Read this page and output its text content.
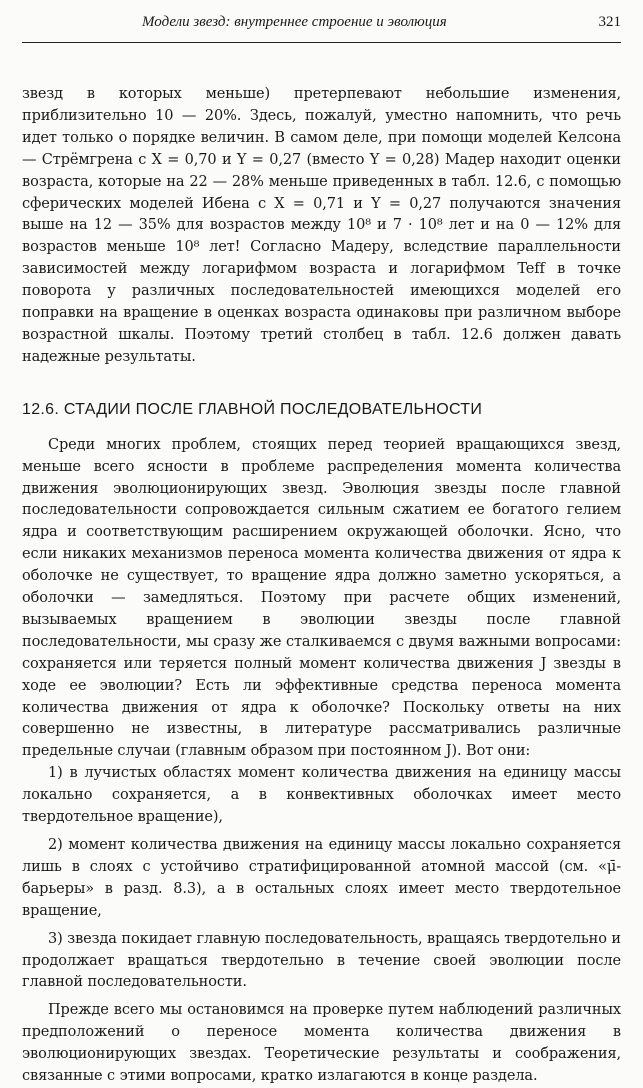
Модели звезд: внутреннее строение и эволюция	321

звезд в которых меньше) претерпевают небольшие изменения, приблизительно 10 — 20%. Здесь, пожалуй, уместно напомнить, что речь идет только о порядке величин. В самом деле, при помощи моделей Келсона — Стрёмгрена с X = 0,70 и Y = 0,27 (вместо Y = 0,28) Мадер находит оценки возраста, которые на 22 — 28% меньше приведенных в табл. 12.6, с помощью сферических моделей Ибена с X = 0,71 и Y = 0,27 получаются значения выше на 12 — 35% для возрастов между 10⁸ и 7 · 10⁸ лет и на 0 — 12% для возрастов меньше 10⁸ лет! Согласно Мадеру, вследствие параллельности зависимостей между логарифмом возраста и логарифмом Teff в точке поворота у различных последовательностей имеющихся моделей его поправки на вращение в оценках возраста одинаковы при различном выборе возрастной шкалы. Поэтому третий столбец в табл. 12.6 должен давать надежные результаты.

12.6. СТАДИИ ПОСЛЕ ГЛАВНОЙ ПОСЛЕДОВАТЕЛЬНОСТИ

Среди многих проблем, стоящих перед теорией вращающихся звезд, меньше всего ясности в проблеме распределения момента количества движения эволюционирующих звезд. Эволюция звезды после главной последовательности сопровождается сильным сжатием ее богатого гелием ядра и соответствующим расширением окружающей оболочки. Ясно, что если никаких механизмов переноса момента количества движения от ядра к оболочке не существует, то вращение ядра должно заметно ускоряться, а оболочки — замедляться. Поэтому при расчете общих изменений, вызываемых вращением в эволюции звезды после главной последовательности, мы сразу же сталкиваемся с двумя важными вопросами: сохраняется или теряется полный момент количества движения J звезды в ходе ее эволюции? Есть ли эффективные средства переноса момента количества движения от ядра к оболочке? Поскольку ответы на них совершенно не известны, в литературе рассматривались различные предельные случаи (главным образом при постоянном J). Вот они:

1) в лучистых областях момент количества движения на единицу массы локально сохраняется, а в конвективных оболочках имеет место твердотельное вращение),

2) момент количества движения на единицу массы локально сохраняется лишь в слоях с устойчиво стратифицированной атомной массой (см. «μ̄-барьеры» в разд. 8.3), а в остальных слоях имеет место твердотельное вращение,

3) звезда покидает главную последовательность, вращаясь твердотельно и продолжает вращаться твердотельно в течение своей эволюции после главной последовательности.

Прежде всего мы остановимся на проверке путем наблюдений различных предположений о переносе момента количества движения в эволюционирующих звездах. Теоретические результаты и соображения, связанные с этими вопросами, кратко излагаются в конце раздела.
